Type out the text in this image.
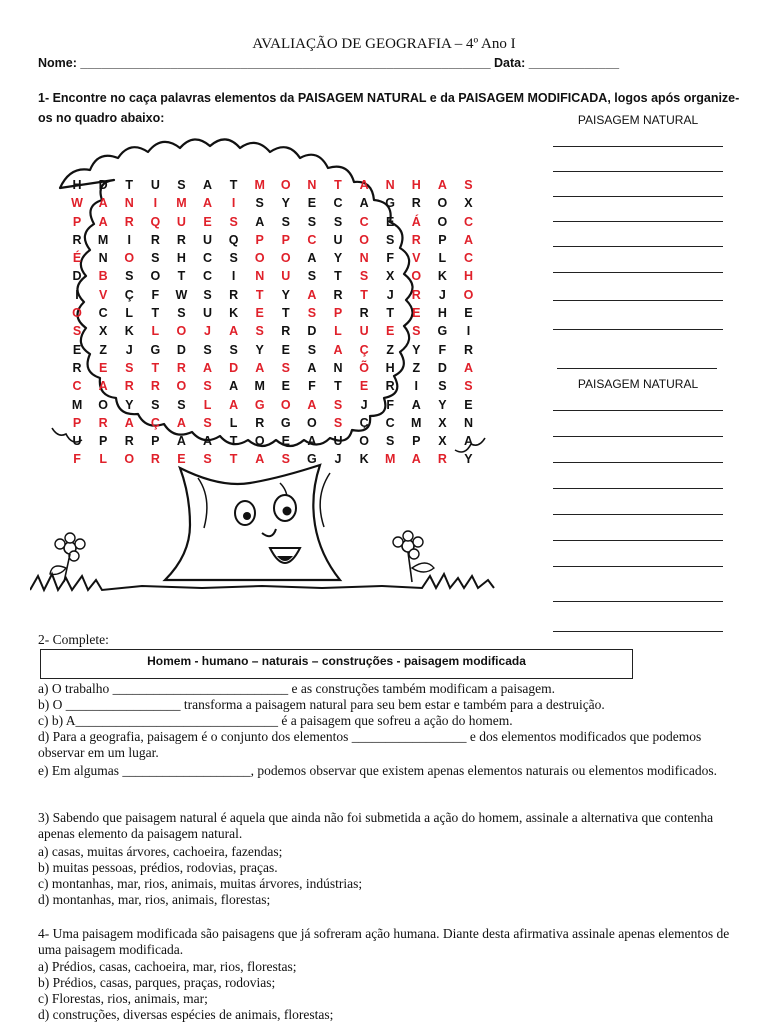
AVALIAÇÃO DE GEOGRAFIA – 4º Ano I
Nome: ___________________________________________________________ Data: _____________
1- Encontre no caça palavras elementos da PAISAGEM NATURAL e da PAISAGEM MODIFICADA, logos após organize-os no quadro abaixo:	PAISAGEM NATURAL
PAISAGEM NATURAL
H	D	T	U	S	A	T	M	O	N	T	A	N	H	A	S
W	A	N	I	M	A	I	S	Y	E	C	A	G	R	O	X
P	A	R	Q	U	E	S	A	S	S	S	C	E	Á	O	C
R	M	I	R	R	U	Q	P	P	C	U	O	S	R	P	A
É	N	O	S	H	C	S	O	O	A	Y	N	F	V	L	C
D	B	S	O	T	C	I	N	U	S	T	S	X	O	K	H
I	V	Ç	F	W	S	R	T	Y	A	R	T	J	R	J	O
O	C	L	T	S	U	K	E	T	S	P	R	T	E	H	E
S	X	K	L	O	J	A	S	R	D	L	U	E	S	G	I
E	Z	J	G	D	S	S	Y	E	S	A	Ç	Z	Y	F	R
R	E	S	T	R	A	D	A	S	A	N	Õ	H	Z	D	A
C	A	R	R	O	S	A	M	E	F	T	E	R	I	S	S
M	O	Y	S	S	L	A	G	O	A	S	J	F	A	Y	E
P	R	A	Ç	A	S	L	R	G	O	S	Ç	C	M	X	N
U	P	R	P	A	A	T	O	E	A	U	O	S	P	X	A
F	L	O	R	E	S	T	A	S	G	J	K	M	A	R	Y
2- Complete:
Homem - humano – naturais – construções - paisagem modificada
a) O trabalho __________________________ e as construções também modificam a paisagem.
b) O _________________ transforma a paisagem natural para seu bem estar e também para a destruição.
c) b) A______________________________ é a paisagem que sofreu a ação do homem.
d) Para a geografia, paisagem é o conjunto dos elementos _________________ e dos elementos modificados que podemos observar em um lugar.
e) Em algumas ___________________, podemos observar que existem apenas elementos naturais ou elementos modificados.
3) Sabendo que paisagem natural é aquela que ainda não foi submetida a ação do homem, assinale a alternativa que contenha apenas elemento da paisagem natural.
a) casas, muitas árvores, cachoeira, fazendas;
b) muitas pessoas, prédios, rodovias, praças.
c) montanhas, mar, rios, animais, muitas árvores, indústrias;
d) montanhas, mar, rios, animais, florestas;
4- Uma paisagem modificada são paisagens que já sofreram ação humana. Diante desta afirmativa assinale apenas elementos de uma paisagem modificada.
a) Prédios, casas, cachoeira, mar, rios, florestas;
b) Prédios, casas, parques, praças, rodovias;
c) Florestas, rios, animais, mar;
d) construções, diversas espécies de animais, florestas;
